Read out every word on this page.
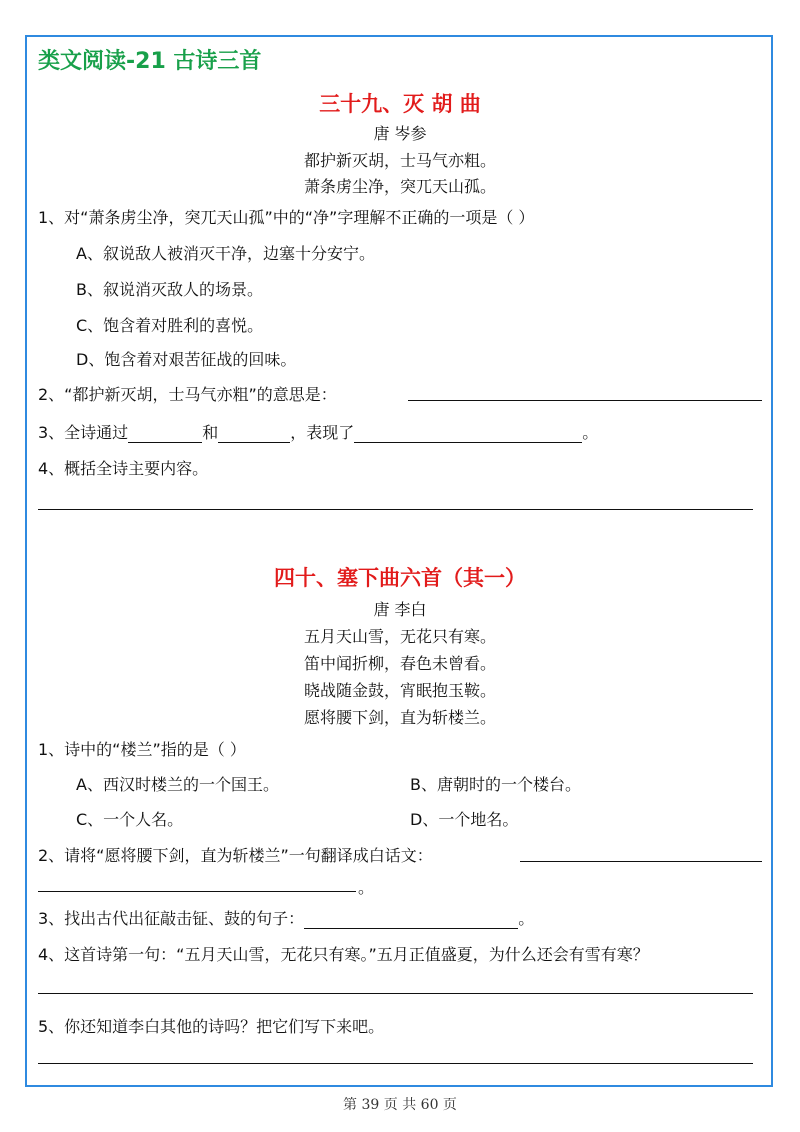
类文阅读-21 古诗三首
三十九、灭 胡 曲
唐 岑参
都护新灭胡，士马气亦粗。
萧条虏尘净，突兀天山孤。
1、对“萧条虏尘净，突兀天山孤”中的“净”字理解不正确的一项是（ ）
A、叙说敌人被消灭干净，边塞十分安宁。
B、叙说消灭敌人的场景。
C、饱含着对胜利的喜悦。
D、饱含着对艰苦征战的回味。
2、“都护新灭胡，士马气亦粗”的意思是：
3、全诗通过	和	，表现了	。
4、概括全诗主要内容。
四十、塞下曲六首（其一）
唐 李白
五月天山雪，无花只有寒。
笛中闻折柳，春色未曾看。
晓战随金鼓，宵眠抱玉鞍。
愿将腰下剑，直为斩楼兰。
1、诗中的“楼兰”指的是（ ）
A、西汉时楼兰的一个国王。	B、唐朝时的一个楼台。
C、一个人名。	D、一个地名。
2、请将“愿将腰下剑，直为斩楼兰”一句翻译成白话文：
。
3、找出古代出征敲击钲、鼓的句子：	。
4、这首诗第一句：“五月天山雪，无花只有寒。”五月正值盛夏，为什么还会有雪有寒？
5、你还知道李白其他的诗吗？把它们写下来吧。
第 39 页 共 60 页
